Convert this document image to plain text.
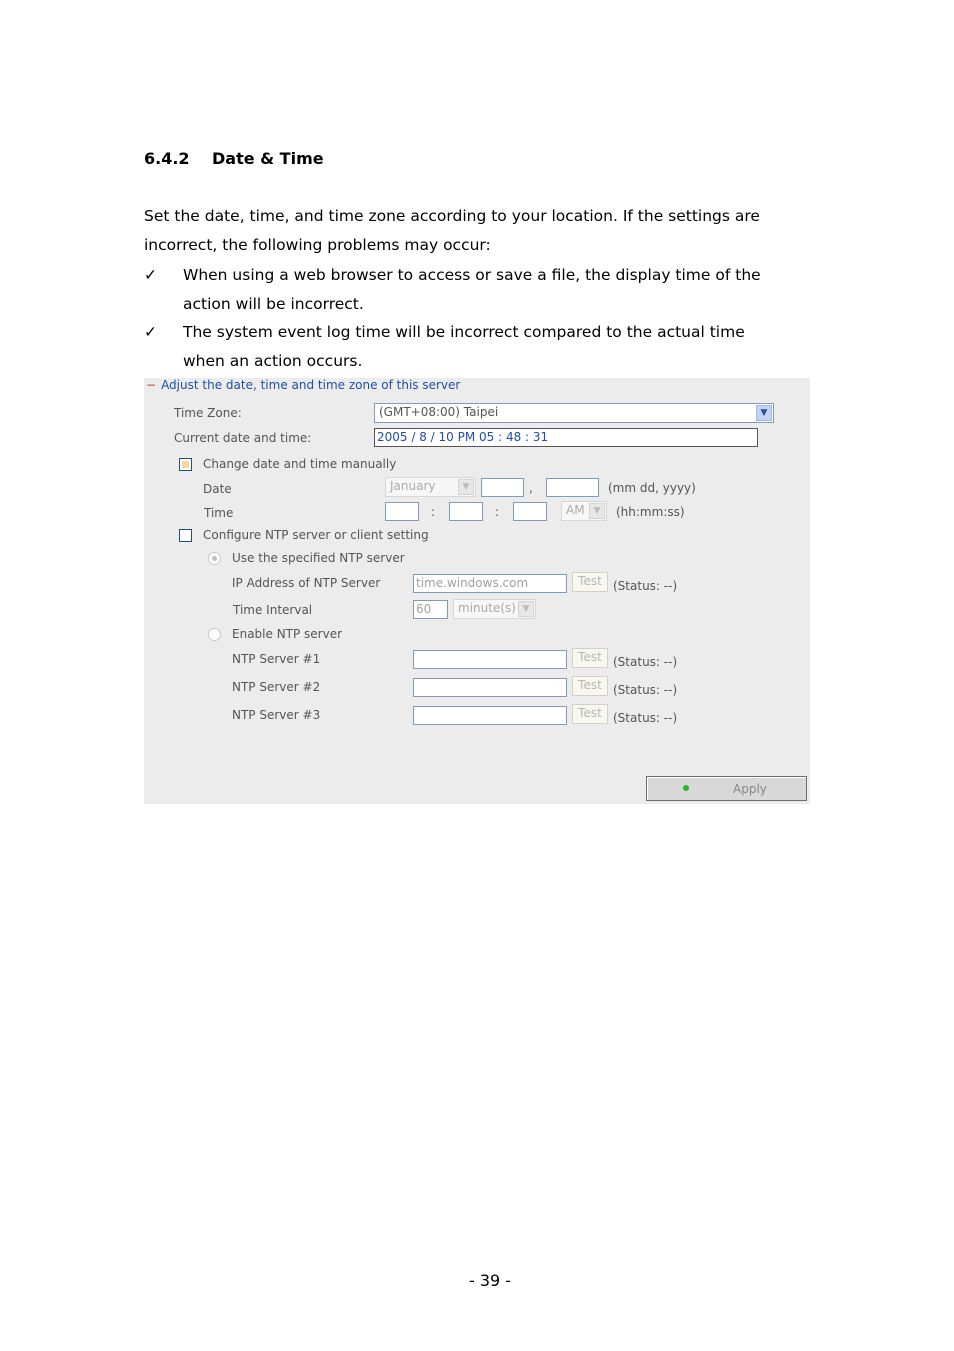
6.4.2 Date & Time
Set the date, time, and time zone according to your location. If the settings are incorrect, the following problems may occur:
✓	When using a web browser to access or save a file, the display time of the
action will be incorrect.
✓	The system event log time will be incorrect compared to the actual time
when an action occurs.
− Adjust the date, time and time zone of this server
Time Zone:	(GMT+08:00) Taipei	▼
Current date and time:	2005 / 8 / 10 PM 05 : 48 : 31
Change date and time manually
Date	January	▼	,	(mm dd, yyyy)
Time	:	:	AM ▼	(hh:mm:ss)
Configure NTP server or client setting
Use the specified NTP server
IP Address of NTP Server	time.windows.com	Test (Status: --)
Time Interval	60	minute(s) ▼
Enable NTP server
NTP Server #1	Test (Status: --)
NTP Server #2	Test (Status: --)
NTP Server #3	Test (Status: --)
Apply
- 39 -
